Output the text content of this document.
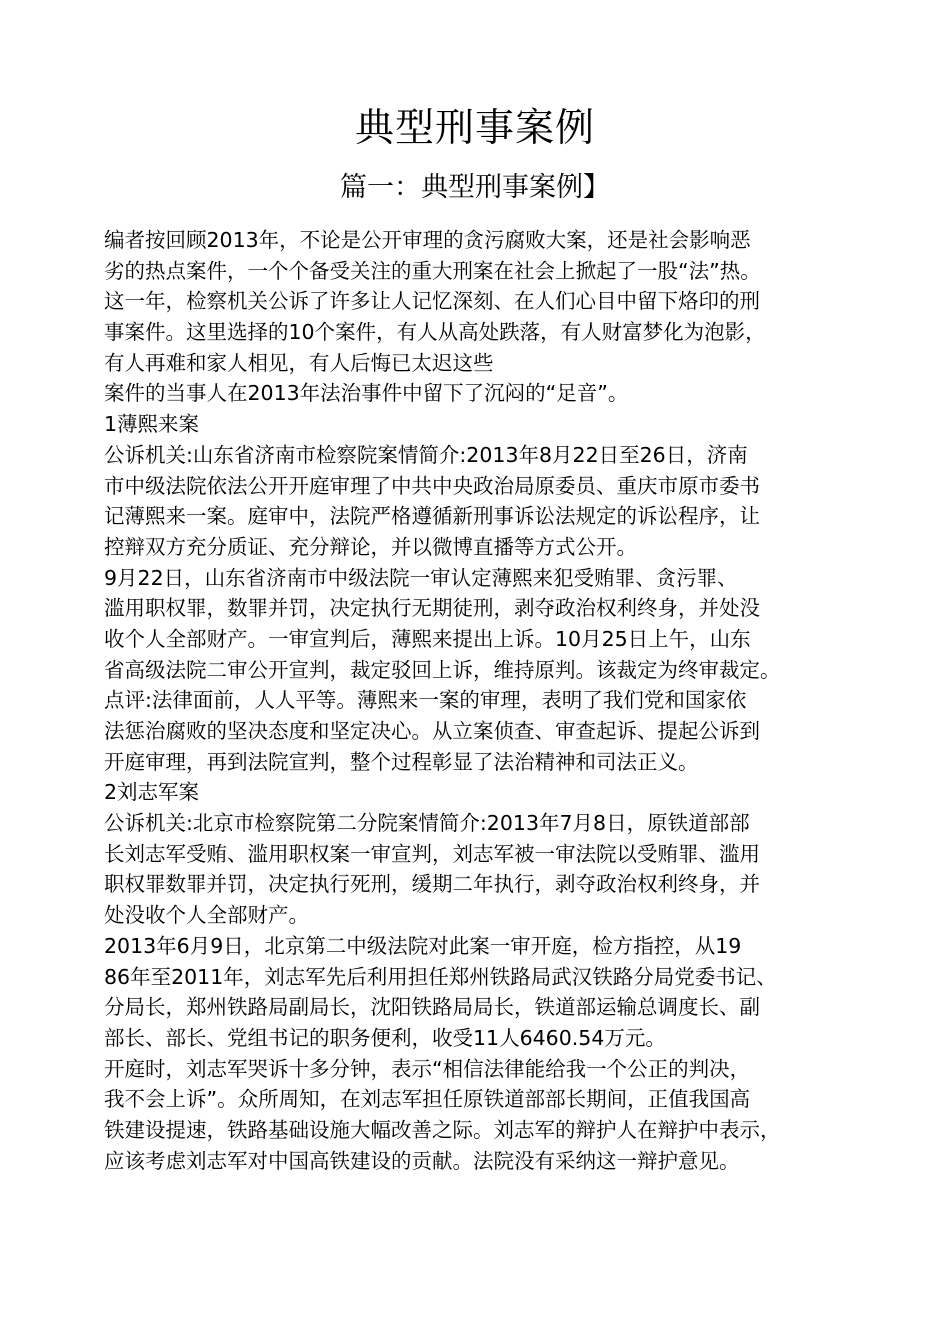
典型刑事案例
篇一：典型刑事案例】
编者按回顾2013年，不论是公开审理的贪污腐败大案，还是社会影响恶
劣的热点案件，一个个备受关注的重大刑案在社会上掀起了一股“法”热。
这一年，检察机关公诉了许多让人记忆深刻、在人们心目中留下烙印的刑
事案件。这里选择的10个案件，有人从高处跌落，有人财富梦化为泡影，
有人再难和家人相见，有人后悔已太迟这些
案件的当事人在2013年法治事件中留下了沉闷的“足音”。
1薄熙来案
公诉机关:山东省济南市检察院案情简介:2013年8月22日至26日，济南
市中级法院依法公开开庭审理了中共中央政治局原委员、重庆市原市委书
记薄熙来一案。庭审中，法院严格遵循新刑事诉讼法规定的诉讼程序，让
控辩双方充分质证、充分辩论，并以微博直播等方式公开。
9月22日，山东省济南市中级法院一审认定薄熙来犯受贿罪、贪污罪、
滥用职权罪，数罪并罚，决定执行无期徒刑，剥夺政治权利终身，并处没
收个人全部财产。一审宣判后，薄熙来提出上诉。10月25日上午，山东
省高级法院二审公开宣判，裁定驳回上诉，维持原判。该裁定为终审裁定。
点评:法律面前，人人平等。薄熙来一案的审理，表明了我们党和国家依
法惩治腐败的坚决态度和坚定决心。从立案侦查、审查起诉、提起公诉到
开庭审理，再到法院宣判，整个过程彰显了法治精神和司法正义。
2刘志军案
公诉机关:北京市检察院第二分院案情简介:2013年7月8日，原铁道部部
长刘志军受贿、滥用职权案一审宣判，刘志军被一审法院以受贿罪、滥用
职权罪数罪并罚，决定执行死刑，缓期二年执行，剥夺政治权利终身，并
处没收个人全部财产。
2013年6月9日，北京第二中级法院对此案一审开庭，检方指控，从19
86年至2011年，刘志军先后利用担任郑州铁路局武汉铁路分局党委书记、
分局长，郑州铁路局副局长，沈阳铁路局局长，铁道部运输总调度长、副
部长、部长、党组书记的职务便利，收受11人6460.54万元。
开庭时，刘志军哭诉十多分钟，表示“相信法律能给我一个公正的判决，
我不会上诉”。众所周知，在刘志军担任原铁道部部长期间，正值我国高
铁建设提速，铁路基础设施大幅改善之际。刘志军的辩护人在辩护中表示，
应该考虑刘志军对中国高铁建设的贡献。法院没有采纳这一辩护意见。
